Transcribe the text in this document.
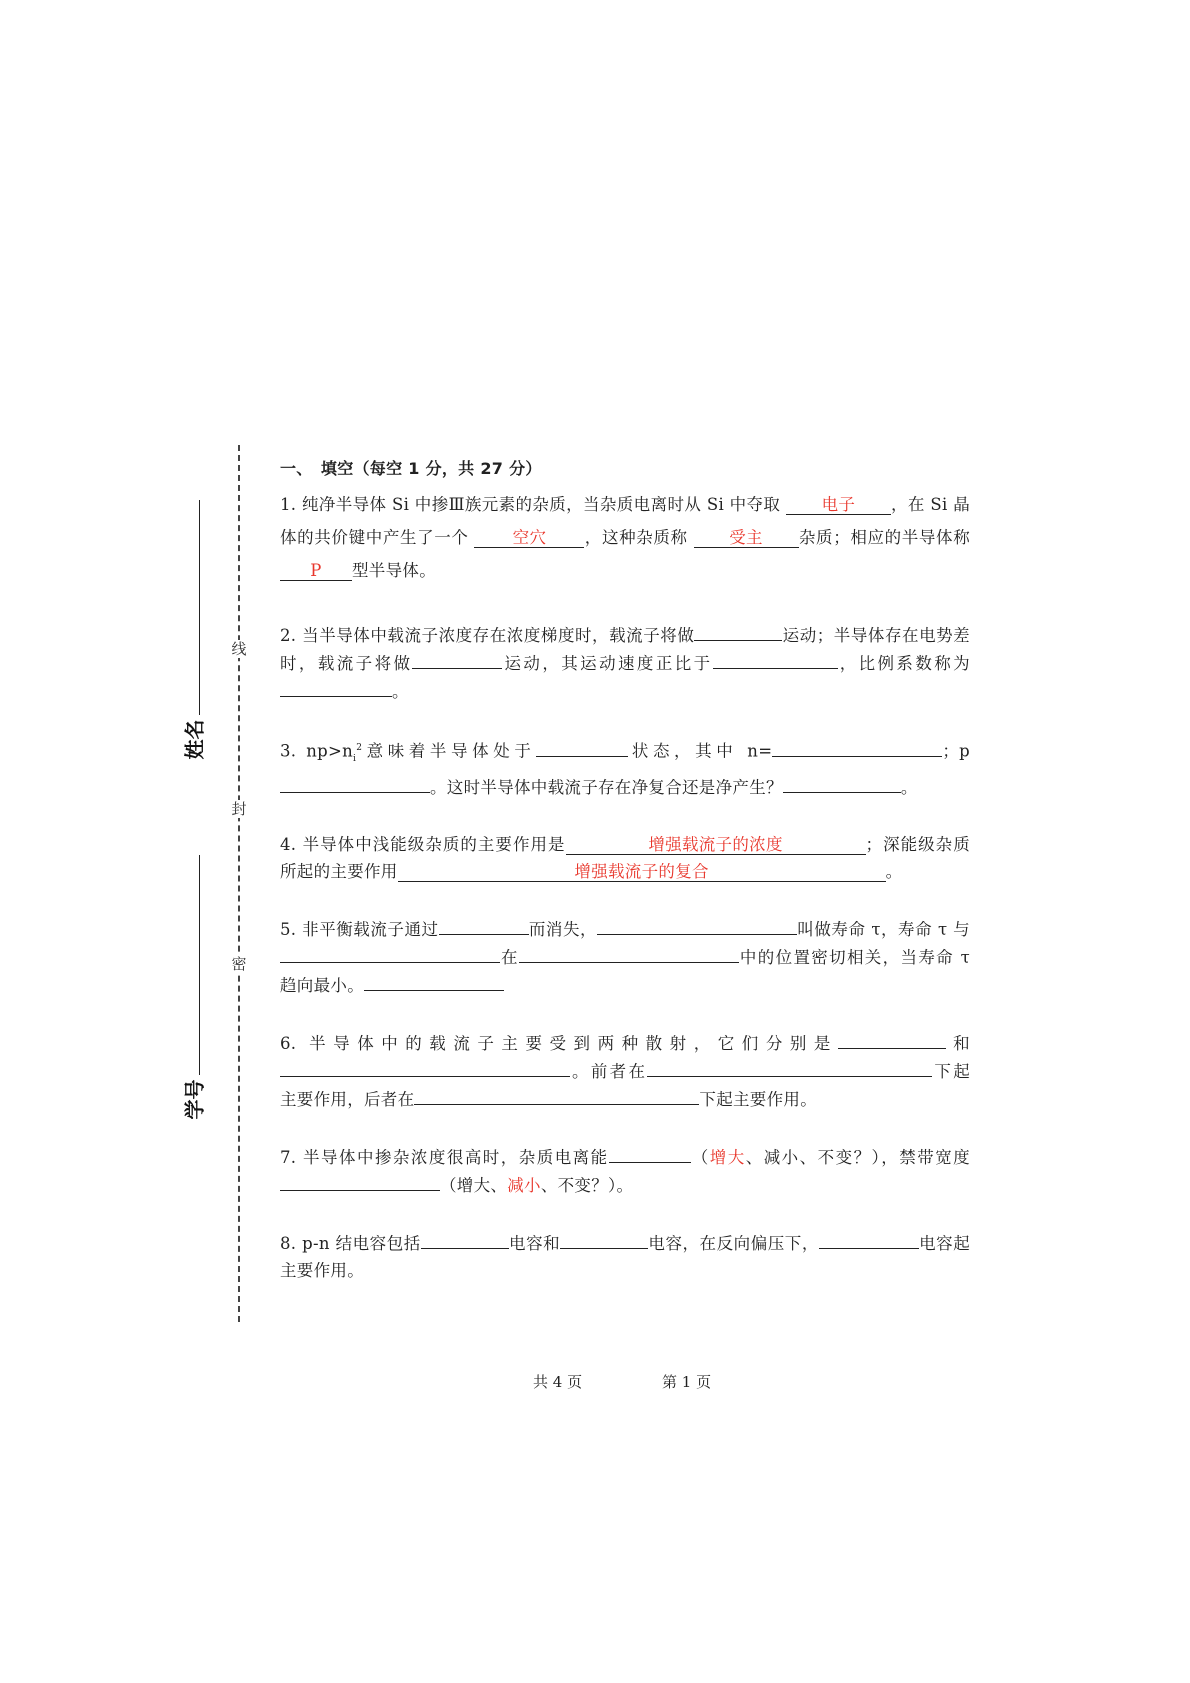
线
封
密
姓名
学号
一、　填空（每空 1 分，共 27 分）

1. 纯净半导体 Si 中掺Ⅲ族元素的杂质，当杂质电离时从 Si 中夺取	电子 ，在 Si 晶体的共价键中产生了一个	空穴 ，这种杂质称	受主 杂质；相应的半导体称 P 型半导体。

2. 当半导体中载流子浓度存在浓度梯度时，载流子将做	运动；半导体存在电势差时，载流子将做	运动，其运动速度正比于	，比例系数称为。

3. $np>n_i^2$意味着半导体处于	状态，其中 n=	；p。这时半导体中载流子存在净复合还是净产生？	。

4. 半导体中浅能级杂质的主要作用是	增强载流子的浓度	；深能级杂质所起的主要作用	增强载流子的复合	。

5. 非平衡载流子通过	而消失，	叫做寿命 τ，寿命 τ 与在	中的位置密切相关，当寿命 τ 趋向最小。

6. 半导体中的载流子主要受到两种散射，它们分别是	和。前者在	下起主要作用，后者在	下起主要作用。

7. 半导体中掺杂浓度很高时，杂质电离能	（增大、减小、不变？），禁带宽度（增大、减小、不变？）。

8. p-n 结电容包括	电容和	电容，在反向偏压下，	电容起主要作用。

共 4 页	第 1 页
